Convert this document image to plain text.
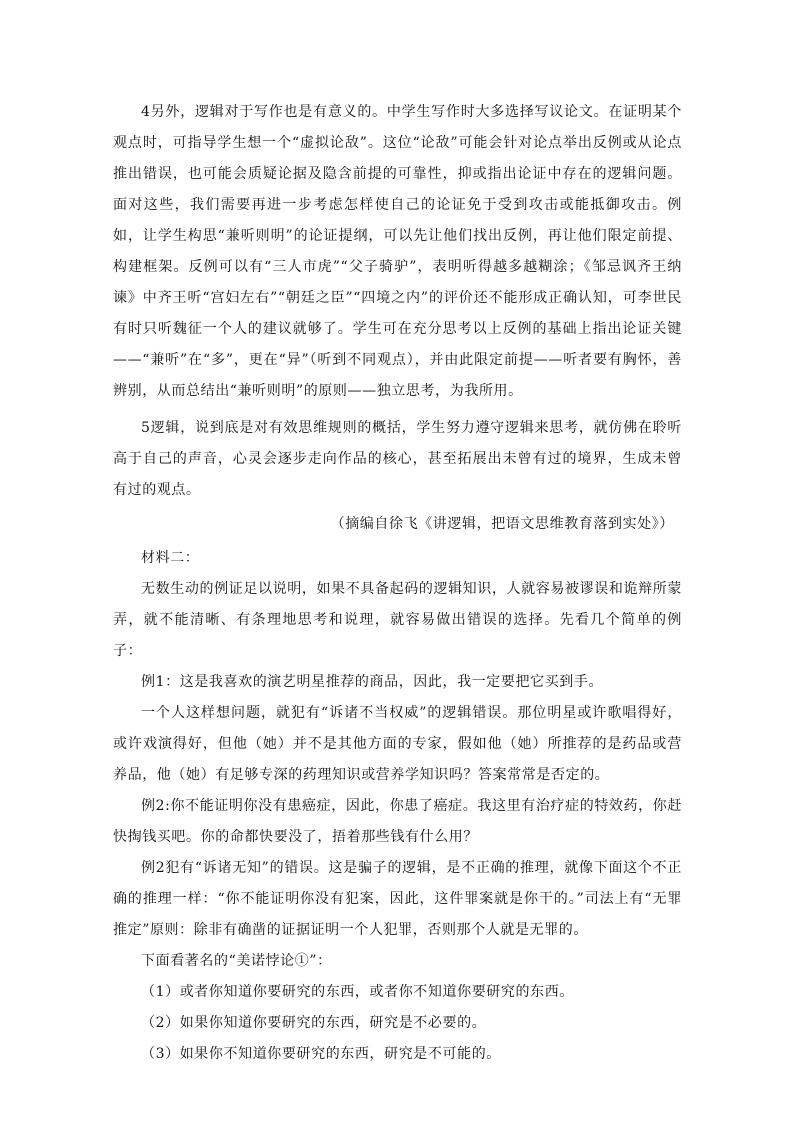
4另外，逻辑对于写作也是有意义的。中学生写作时大多选择写议论文。在证明某个观点时，可指导学生想一个“虚拟论敌”。这位“论敌”可能会针对论点举出反例或从论点推出错误，也可能会质疑论据及隐含前提的可靠性，抑或指出论证中存在的逻辑问题。面对这些，我们需要再进一步考虑怎样使自己的论证免于受到攻击或能抵御攻击。例如，让学生构思“兼听则明”的论证提纲，可以先让他们找出反例，再让他们限定前提、构建框架。反例可以有“三人市虎”“父子骑驴”，表明听得越多越糊涂；《邹忌讽齐王纳谏》中齐王听“宫妇左右”“朝廷之臣”“四境之内”的评价还不能形成正确认知，可李世民有时只听魏征一个人的建议就够了。学生可在充分思考以上反例的基础上指出论证关键——“兼听”在“多”，更在“异”（听到不同观点），并由此限定前提——听者要有胸怀，善辨别，从而总结出“兼听则明”的原则——独立思考，为我所用。

5逻辑，说到底是对有效思维规则的概括，学生努力遵守逻辑来思考，就仿佛在聆听高于自己的声音，心灵会逐步走向作品的核心，甚至拓展出未曾有过的境界，生成未曾有过的观点。

（摘编自徐飞《讲逻辑，把语文思维教育落到实处》）

材料二：

无数生动的例证足以说明，如果不具备起码的逻辑知识，人就容易被谬误和诡辩所蒙弄，就不能清晰、有条理地思考和说理，就容易做出错误的选择。先看几个简单的例子：

例1：这是我喜欢的演艺明星推荐的商品，因此，我一定要把它买到手。

一个人这样想问题，就犯有“诉诸不当权威”的逻辑错误。那位明星或许歌唱得好，或许戏演得好，但他（她）并不是其他方面的专家，假如他（她）所推荐的是药品或营养品，他（她）有足够专深的药理知识或营养学知识吗？答案常常是否定的。

例2:你不能证明你没有患癌症，因此，你患了癌症。我这里有治疗症的特效药，你赶快掏钱买吧。你的命都快要没了，捂着那些钱有什么用？

例2犯有“诉诸无知”的错误。这是骗子的逻辑，是不正确的推理，就像下面这个不正确的推理一样：“你不能证明你没有犯案，因此，这件罪案就是你干的。”司法上有“无罪推定”原则：除非有确凿的证据证明一个人犯罪，否则那个人就是无罪的。

下面看著名的“美诺悖论①”：

（1）或者你知道你要研究的东西，或者你不知道你要研究的东西。

（2）如果你知道你要研究的东西，研究是不必要的。

（3）如果你不知道你要研究的东西，研究是不可能的。
